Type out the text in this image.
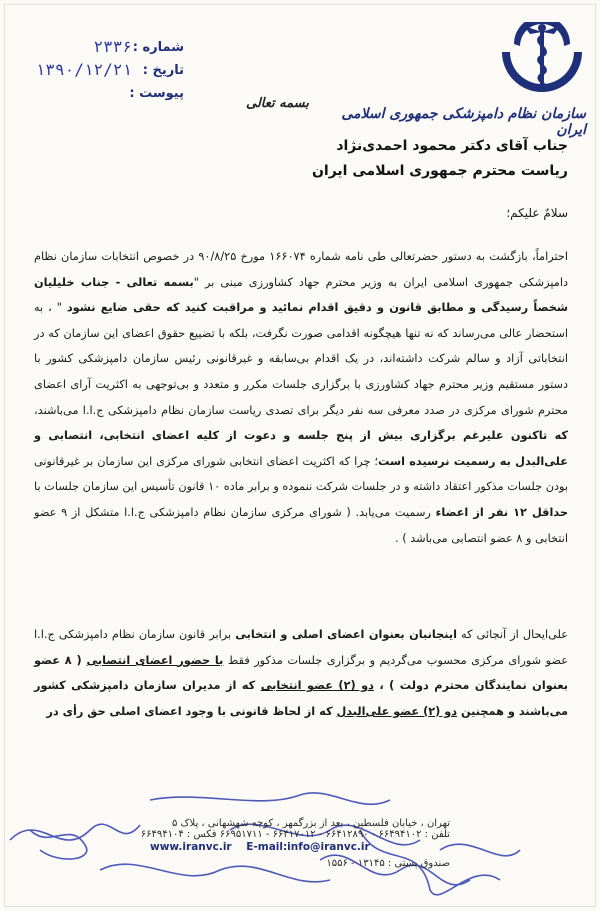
سازمان نظام دامپزشکی جمهوری اسلامی ایران
شماره :
۲۳۳۶
تاریخ :
۱۳۹۰/۱۲/۲۱
پیوست :
بسمه تعالی
جناب آقای دکتر محمود احمدی‌نژاد
ریاست محترم جمهوری اسلامی ایران
سلامٌ علیکم؛
احتراماً، بازگشت به دستور حضرتعالی طی نامه شماره ۱۶۶۰۷۴ مورخ ۹۰/۸/۲۵ در خصوص انتخابات سازمان نظام دامپزشکی جمهوری اسلامی ایران به وزیر محترم جهاد کشاورزی مبنی بر "بسمه تعالی - جناب خلیلیان شخصاً رسیدگی و مطابق قانون و دقیق اقدام نمائید و مراقبت کنید که حقی ضایع نشود " ، به استحضار عالی می‌رساند که نه تنها هیچگونه اقدامی صورت نگرفت، بلکه با تضییع حقوق اعضای این سازمان که در انتخاباتی آزاد و سالم شرکت داشته‌اند، در یک اقدام بی‌سابقه و غیرقانونی رئیس سازمان دامپزشکی کشور با دستور مستقیم وزیر محترم جهاد کشاورزی با برگزاری جلسات مکرر و متعدد و بی‌توجهی به اکثریت آرای اعضای محترم شورای مرکزی در صدد معرفی سه نفر دیگر برای تصدی ریاست سازمان نظام دامپزشکی ج.ا.ا می‌باشند، که تاکنون علیرغم برگزاری بیش از پنج جلسه و دعوت از کلیه اعضای انتخابی، انتصابی و علی‌البدل به رسمیت نرسیده است؛ چرا که اکثریت اعضای انتخابی شورای مرکزی این سازمان بر غیرقانونی بودن جلسات مذکور اعتقاد داشته و در جلسات شرکت ننموده و برابر ماده ۱۰ قانون تأسیس این سازمان جلسات با حداقل ۱۲ نفر از اعضاء رسمیت می‌یابد. ( شورای مرکزی سازمان نظام دامپزشکی ج.ا.ا متشکل از ۹ عضو انتخابی و ۸ عضو انتصابی می‌باشد ) .
علی‌ایحال از آنجائی که اینجانبان بعنوان اعضای اصلی و انتخابی برابر قانون سازمان نظام دامپزشکی ج.ا.ا عضو شورای مرکزی محسوب می‌گردیم و برگزاری جلسات مذکور فقط با حضور اعضای انتصابی ( ۸ عضو بعنوان نمایندگان محترم دولت ) ، دو (۲) عضو انتخابی که از مدیران سازمان دامپزشکی کشور می‌باشند و همچنین دو (۲) عضو علی‌البدل که از لحاظ قانونی با وجود اعضای اصلی حق رأی در
تهران ، خیابان فلسطین ، بعد از بزرگمهر ، کوچه شهشهانی ، پلاک ۵
تلفن : ۶۶۴۹۴۱۰۲ - ۶۶۴۱۲۸۹۰ - ۶۶۴۱۷۰۱۲ - ۶۶۹۵۱۷۱۱ فکس : ۶۶۴۹۴۱۰۴
www.iranvc.ir E-mail:info@iranvc.ir
صندوق پستی : ۱۳۱۴۵ - ۱۵۵۶
